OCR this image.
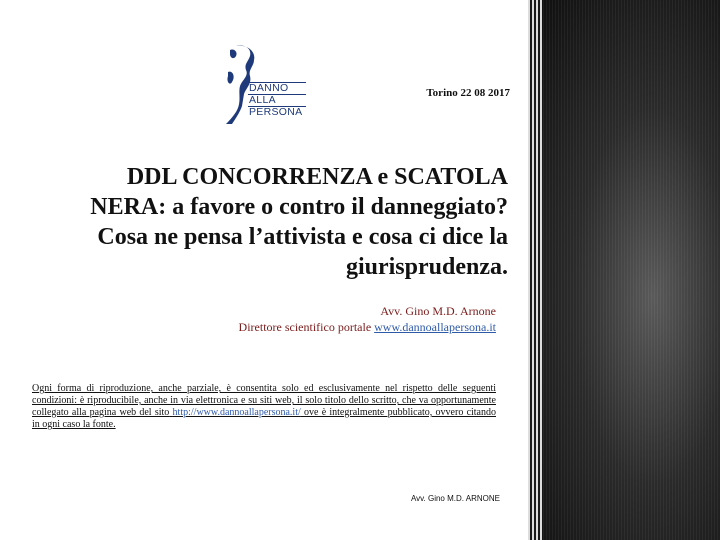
DANNO
ALLA
PERSONA
Torino 22 08 2017
DDL CONCORRENZA e SCATOLA NERA: a favore o contro il danneggiato? Cosa ne pensa l’attivista e cosa ci dice la giurisprudenza.
Avv. Gino M.D. Arnone
Direttore scientifico portale www.dannoallapersona.it
Ogni forma di riproduzione, anche parziale, è consentita solo ed esclusivamente nel rispetto delle seguenti condizioni: è riproducibile, anche in via elettronica e su siti web, il solo titolo dello scritto, che va opportunamente collegato alla pagina web del sito http://www.dannoallapersona.it/ ove è integralmente pubblicato, ovvero citando in ogni caso la fonte.
Avv. Gino M.D. ARNONE
